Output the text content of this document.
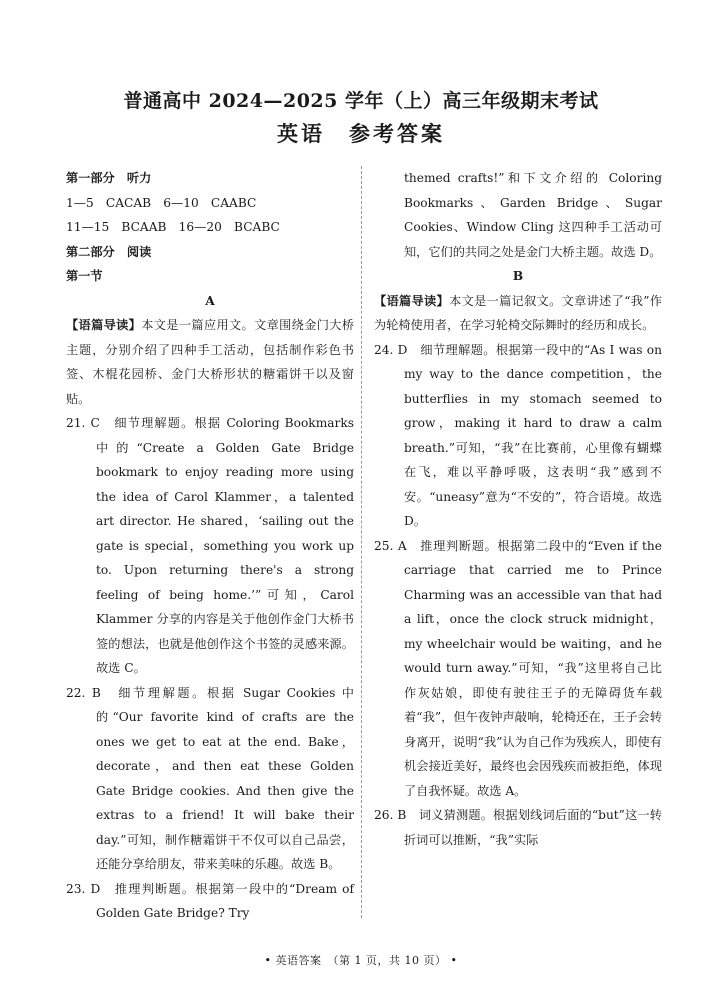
普通高中 2024—2025 学年（上）高三年级期末考试
英语　参考答案

第一部分　听力

1—5　CACAB　6—10　CAABC

11—15　BCAAB　16—20　BCABC

第二部分　阅读

第一节

A

【语篇导读】本文是一篇应用文。文章围绕金门大桥主题，分别介绍了四种手工活动，包括制作彩色书签、木棍花园桥、金门大桥形状的糖霜饼干以及窗贴。

21. C　细节理解题。根据 Coloring Bookmarks 中的“Create a Golden Gate Bridge bookmark to enjoy reading more using the idea of Carol Klammer，a talented art director. He shared，‘sailing out the gate is special，something you work up to. Upon returning there's a strong feeling of being home.’”可知，Carol Klammer 分享的内容是关于他创作金门大桥书签的想法，也就是他创作这个书签的灵感来源。故选 C。

22. B　细节理解题。根据 Sugar Cookies 中的“Our favorite kind of crafts are the ones we get to eat at the end. Bake，decorate，and then eat these Golden Gate Bridge cookies. And then give the extras to a friend! It will bake their day.”可知，制作糖霜饼干不仅可以自己品尝，还能分享给朋友，带来美味的乐趣。故选 B。

23. D　推理判断题。根据第一段中的“Dream of Golden Gate Bridge? Try

themed crafts!”和下文介绍的 Coloring Bookmarks、Garden Bridge、Sugar Cookies、Window Cling 这四种手工活动可知，它们的共同之处是金门大桥主题。故选 D。

B

【语篇导读】本文是一篇记叙文。文章讲述了“我”作为轮椅使用者，在学习轮椅交际舞时的经历和成长。

24. D　细节理解题。根据第一段中的“As I was on my way to the dance competition，the butterflies in my stomach seemed to grow，making it hard to draw a calm breath.”可知，“我”在比赛前，心里像有蝴蝶在飞，难以平静呼吸，这表明“我”感到不安。“uneasy”意为“不安的”，符合语境。故选 D。

25. A　推理判断题。根据第二段中的“Even if the carriage that carried me to Prince Charming was an accessible van that had a lift，once the clock struck midnight，my wheelchair would be waiting，and he would turn away.”可知，“我”这里将自己比作灰姑娘，即使有驶往王子的无障碍货车载着“我”，但午夜钟声敲响，轮椅还在，王子会转身离开，说明“我”认为自己作为残疾人，即使有机会接近美好，最终也会因残疾而被拒绝，体现了自我怀疑。故选 A。

26. B　词义猜测题。根据划线词后面的“but”这一转折词可以推断，“我”实际

• 英语答案　（第 1 页，共 10 页） •
